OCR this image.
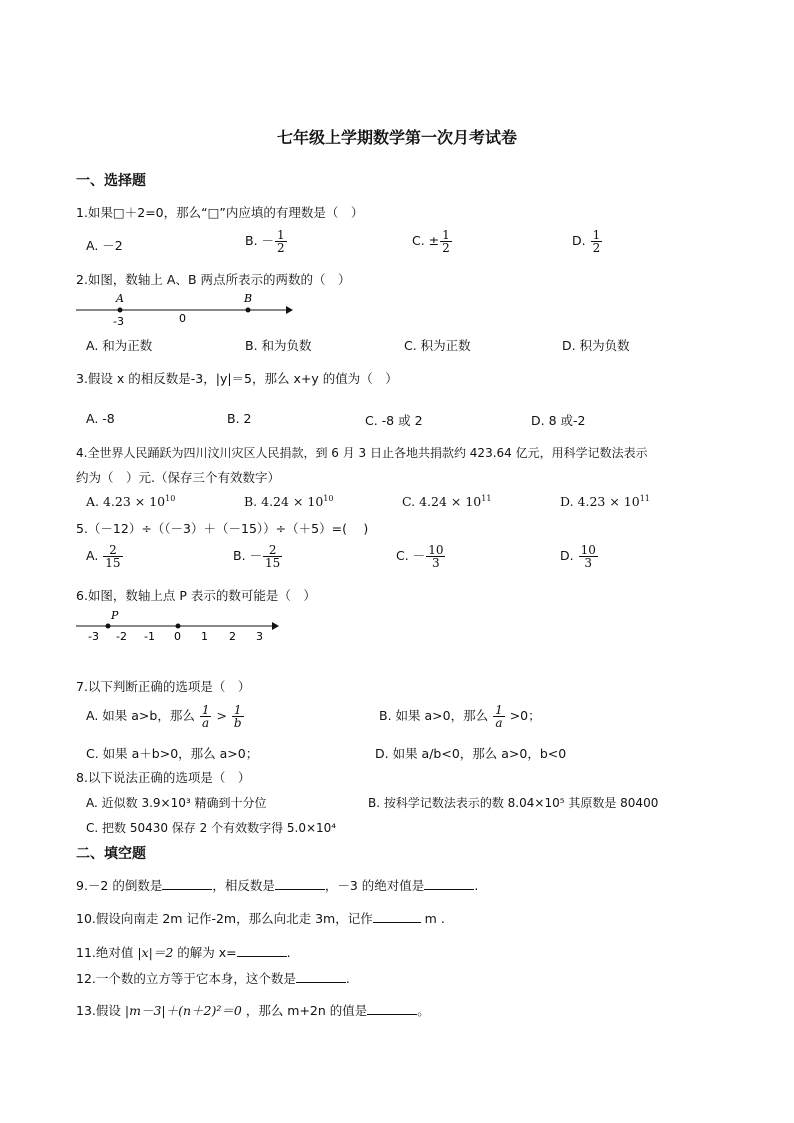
七年级上学期数学第一次月考试卷
一、选择题
1.如果□＋2=0，那么“□”内应填的有理数是（　）
A. －2	B. － $\frac{1}{2}$	C. ± $\frac{1}{2}$	D. $\frac{1}{2}$
2.如图，数轴上 A、B 两点所表示的两数的（　）
A	B
-3	0
A. 和为正数	B. 和为负数	C. 积为正数	D. 积为负数
3.假设 x 的相反数是-3，|y|＝5，那么 x+y 的值为（　）
A. -8	B. 2	C. -8 或 2	D. 8 或-2
4.全世界人民踊跃为四川汶川灾区人民捐款，到 6 月 3 日止各地共捐款约 423.64 亿元，用科学记数法表示
约为（　）元.（保存三个有效数字）
A. $4.23 \times 10^{10}$	B. $4.24 \times 10^{10}$	C. $4.24 \times 10^{11}$	D. $4.23 \times 10^{11}$
5.（－12）÷（（－3）＋（－15））÷（＋5）=(　 )
A. $\frac{2}{15}$	B. － $\frac{2}{15}$	C. － $\frac{10}{3}$	D. $\frac{10}{3}$
6.如图，数轴上点 P 表示的数可能是（　）
P
-3 -2 -1 0 1 2 3
7.以下判断正确的选项是（　）
A. 如果 a>b，那么 $\frac{1}{a} > \frac{1}{b}$	B. 如果 a>0，那么 $\frac{1}{a} >0$；
C. 如果 a＋b>0，那么 a>0；	D. 如果 a/b<0，那么 a>0，b<0
8.以下说法正确的选项是（　）
A. 近似数 3.9×10³ 精确到十分位	B. 按科学记数法表示的数 8.04×10⁵ 其原数是 80400
C. 把数 50430 保存 2 个有效数字得 5.0×10⁴
二、填空题
9.－2 的倒数是	，相反数是	，－3 的绝对值是	.
10.假设向南走 2m 记作-2m，那么向北走 3m，记作	m .
11.绝对值 |x|＝2 的解为 x=	.
12.一个数的立方等于它本身，这个数是	.
13.假设 |m－3|＋(n＋2)²＝0 ，那么 m+2n 的值是	。
